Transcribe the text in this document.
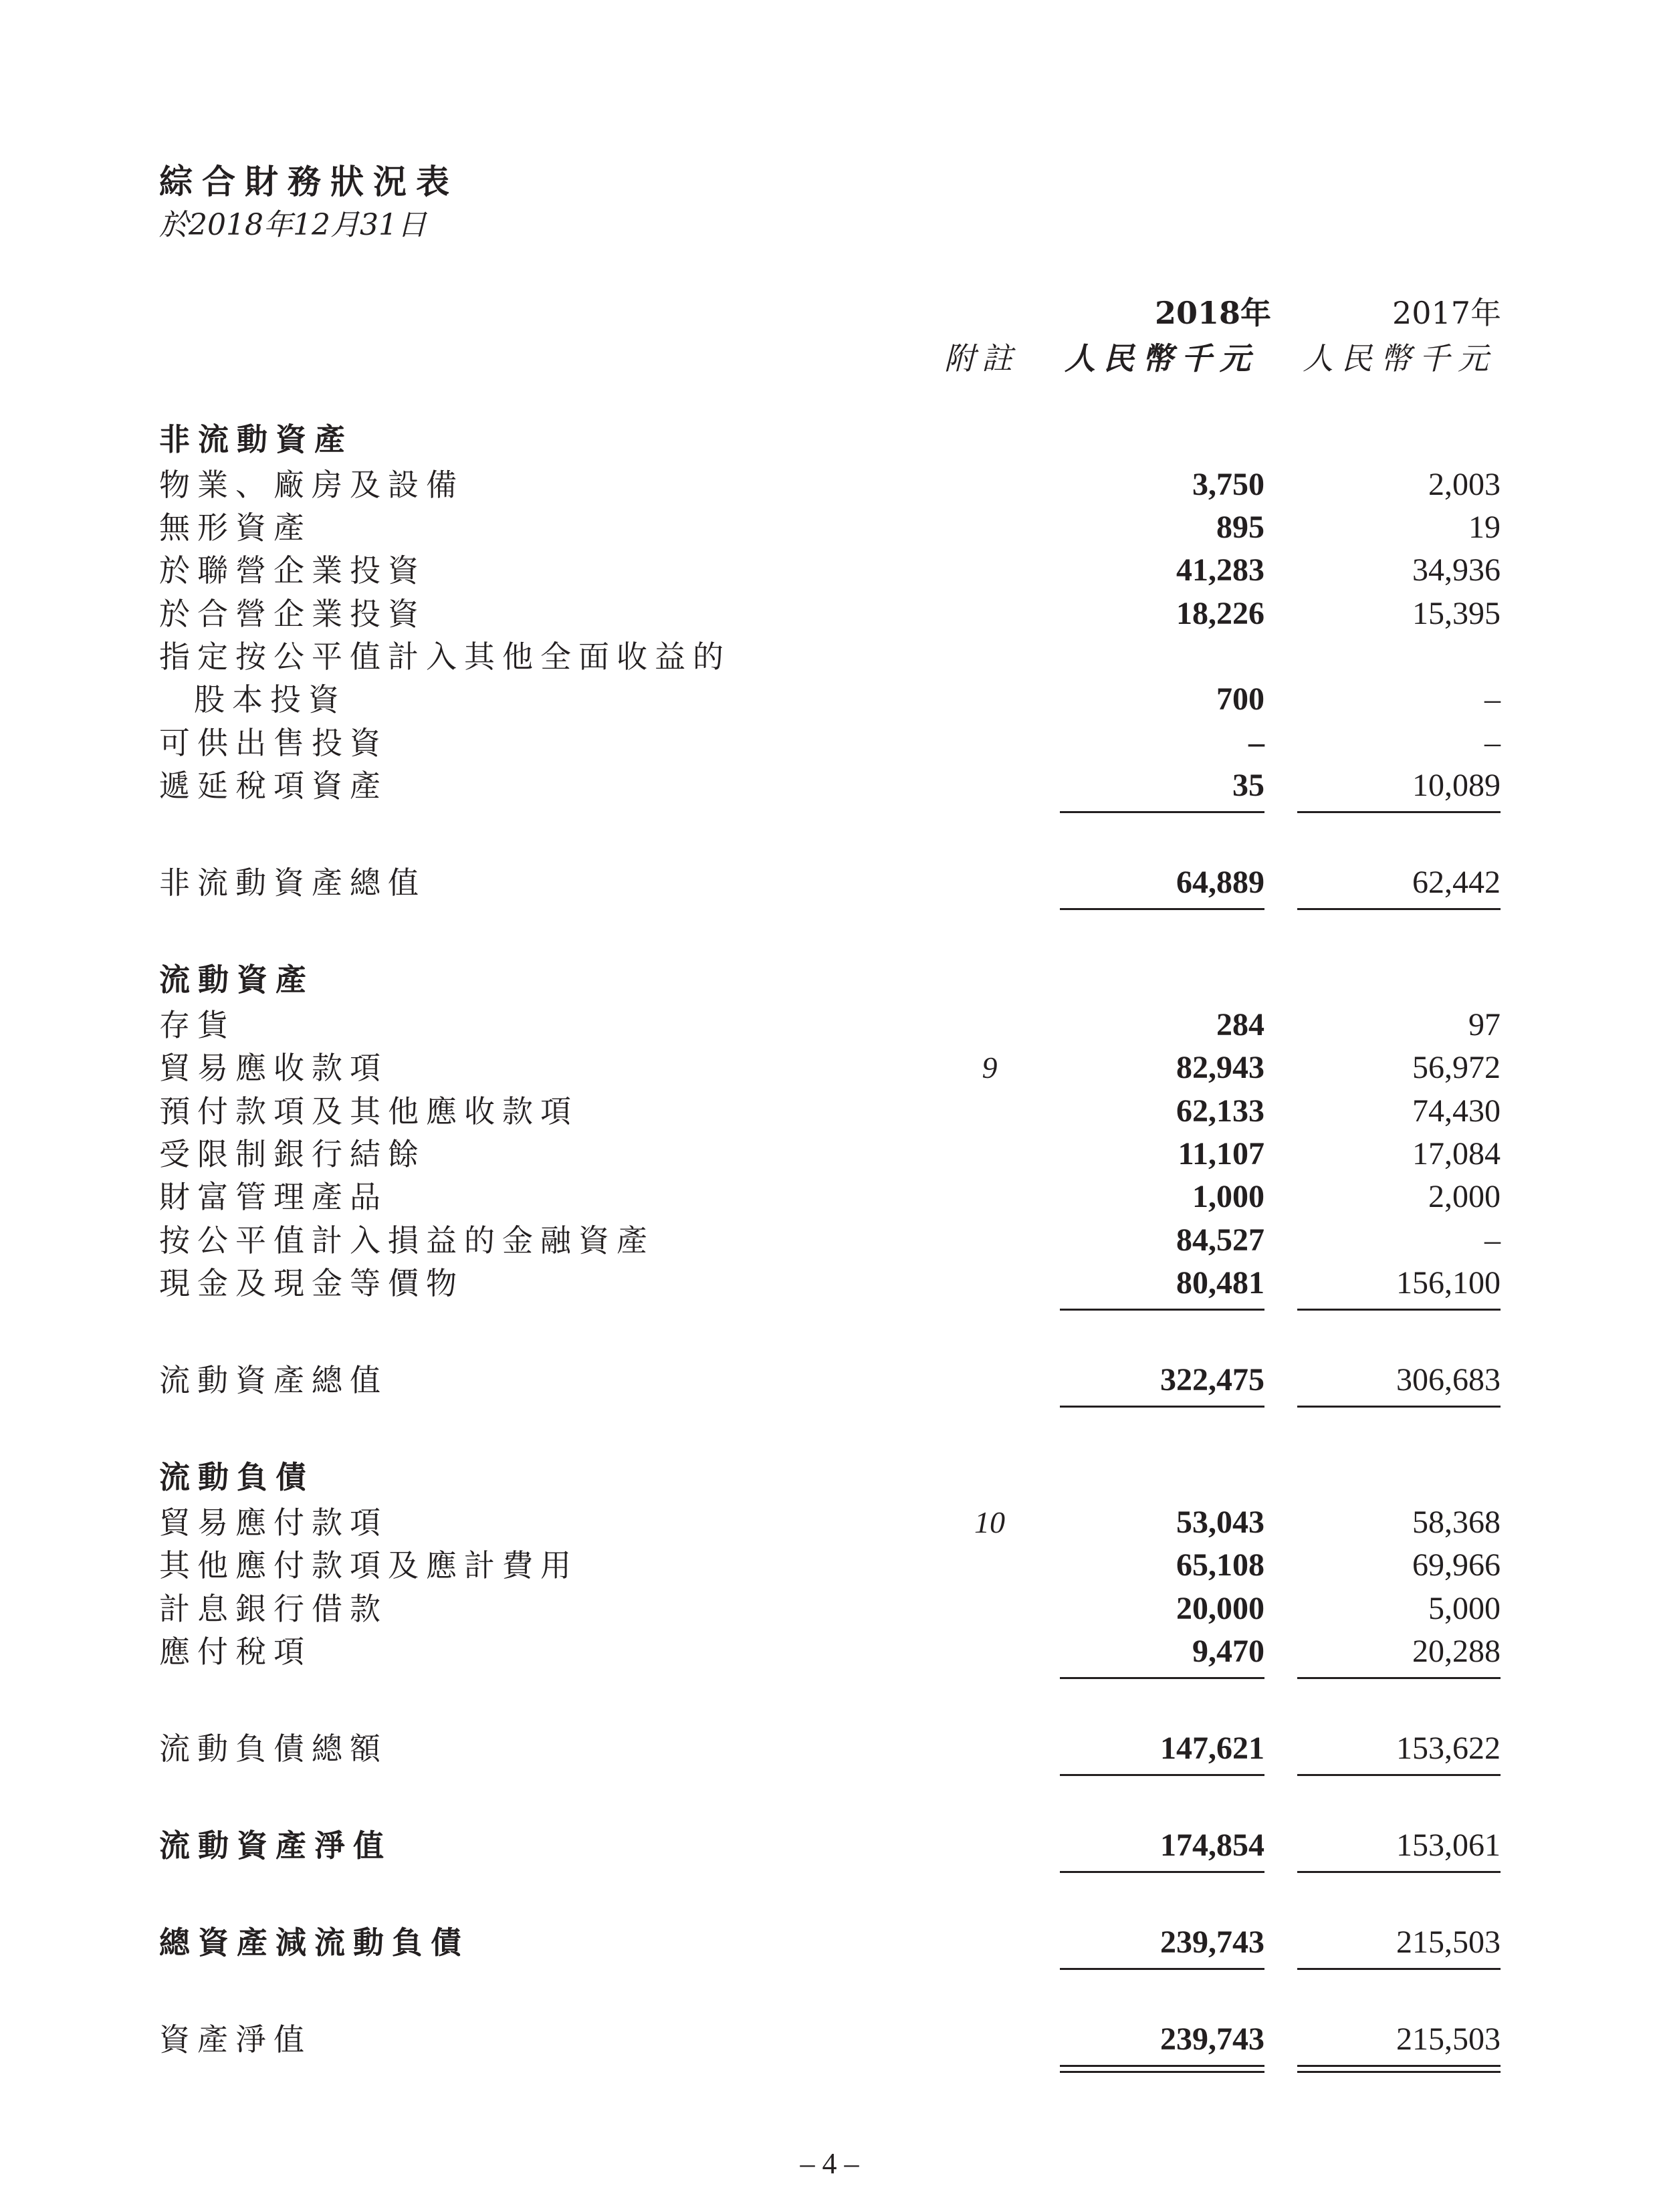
綜合財務狀況表
於2018年12月31日
2018年	2017年
附註 人民幣千元 人民幣千元
非流動資產
物業、廠房及設備	3,750	2,003
無形資產	895	19
於聯營企業投資	41,283	34,936
於合營企業投資	18,226	15,395
指定按公平值計入其他全面收益的
股本投資	700	–
可供出售投資	–	–
遞延稅項資產	35	10,089
非流動資產總值	64,889	62,442
流動資產
存貨	284	97
貿易應收款項	9	82,943	56,972
預付款項及其他應收款項	62,133	74,430
受限制銀行結餘	11,107	17,084
財富管理產品	1,000	2,000
按公平值計入損益的金融資產	84,527	–
現金及現金等價物	80,481	156,100
流動資產總值	322,475	306,683
流動負債
貿易應付款項	10	53,043	58,368
其他應付款項及應計費用	65,108	69,966
計息銀行借款	20,000	5,000
應付稅項	9,470	20,288
流動負債總額	147,621	153,622
流動資產淨值	174,854	153,061
總資產減流動負債	239,743	215,503
資產淨值	239,743	215,503
– 4 –
